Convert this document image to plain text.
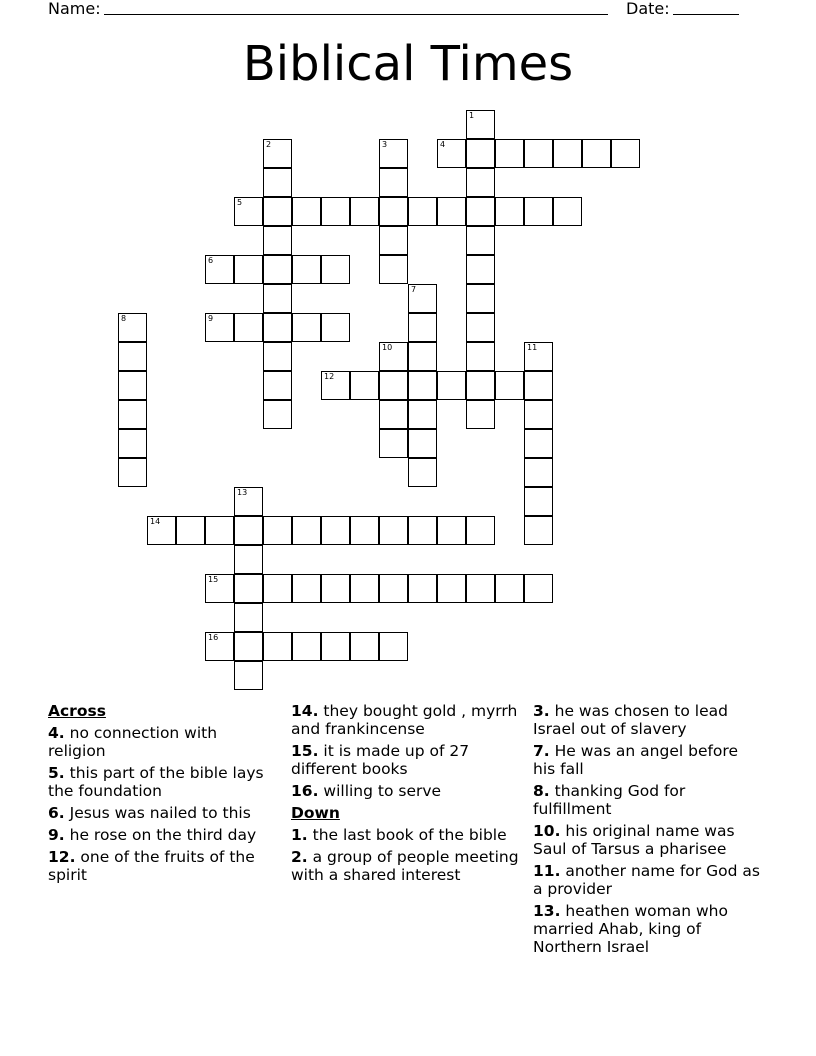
Name:	Date:
Biblical Times
1
2	3	4
5
6
7
8	9
10	11
12
13
14
15
16
Across
4. no connection with religion
5. this part of the bible lays the foundation
6. Jesus was nailed to this
9. he rose on the third day
12. one of the fruits of the spirit
14. they bought gold , myrrh and frankincense
15. it is made up of 27 different books
16. willing to serve
Down
1. the last book of the bible
2. a group of people meeting with a shared interest
3. he was chosen to lead Israel out of slavery
7. He was an angel before his fall
8. thanking God for fulfillment
10. his original name was Saul of Tarsus a pharisee
11. another name for God as a provider
13. heathen woman who married Ahab, king of Northern Israel
